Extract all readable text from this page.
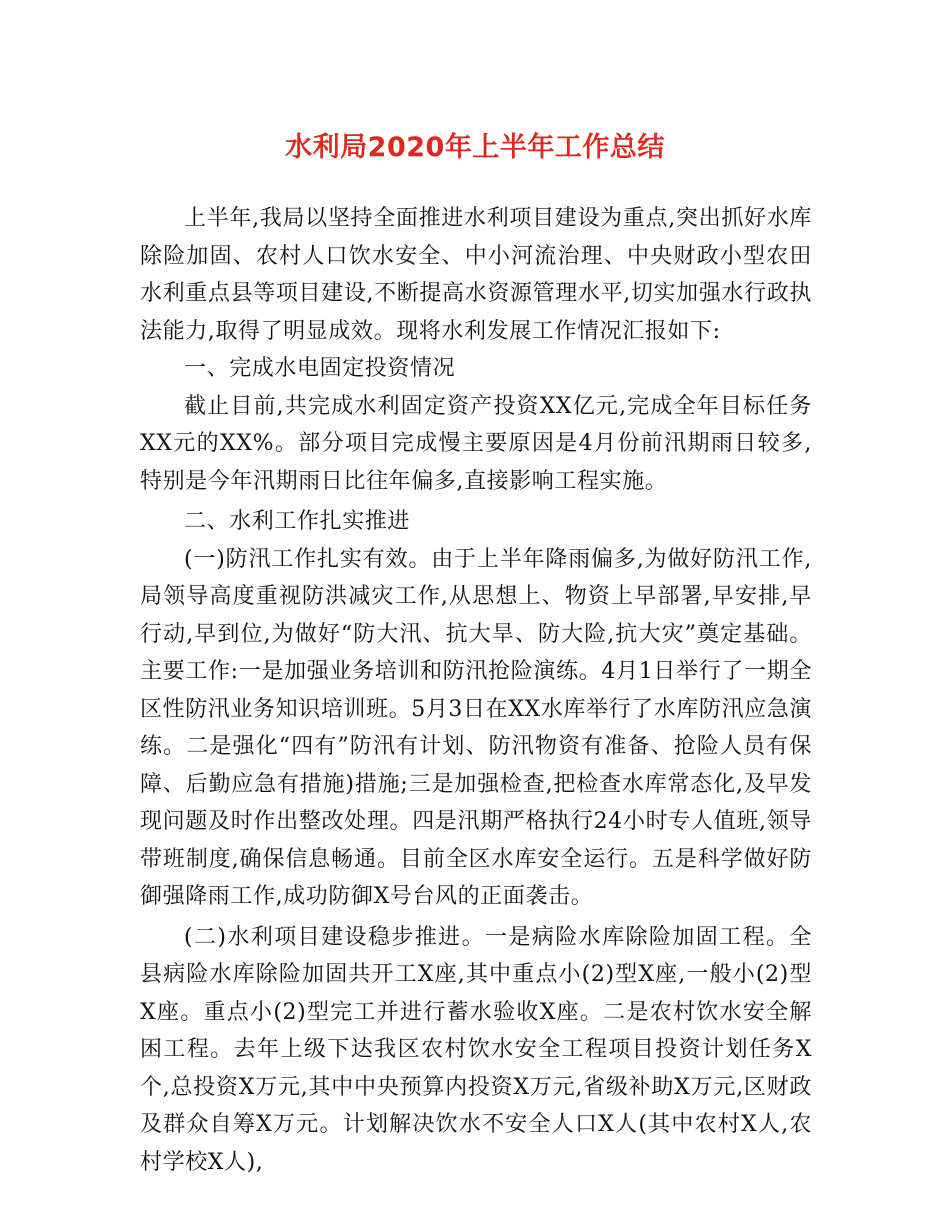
水利局2020年上半年工作总结

上半年,我局以坚持全面推进水利项目建设为重点,突出抓好水库除险加固、农村人口饮水安全、中小河流治理、中央财政小型农田水利重点县等项目建设,不断提高水资源管理水平,切实加强水行政执法能力,取得了明显成效。现将水利发展工作情况汇报如下:

一、完成水电固定投资情况

截止目前,共完成水利固定资产投资XX亿元,完成全年目标任务XX元的XX%。部分项目完成慢主要原因是4月份前汛期雨日较多,特别是今年汛期雨日比往年偏多,直接影响工程实施。

二、水利工作扎实推进

(一)防汛工作扎实有效。由于上半年降雨偏多,为做好防汛工作,局领导高度重视防洪减灾工作,从思想上、物资上早部署,早安排,早行动,早到位,为做好“防大汛、抗大旱、防大险,抗大灾”奠定基础。主要工作:一是加强业务培训和防汛抢险演练。4月1日举行了一期全区性防汛业务知识培训班。5月3日在XX水库举行了水库防汛应急演练。二是强化“四有”防汛有计划、防汛物资有准备、抢险人员有保障、后勤应急有措施)措施;三是加强检查,把检查水库常态化,及早发现问题及时作出整改处理。四是汛期严格执行24小时专人值班,领导带班制度,确保信息畅通。目前全区水库安全运行。五是科学做好防御强降雨工作,成功防御X号台风的正面袭击。

(二)水利项目建设稳步推进。一是病险水库除险加固工程。全县病险水库除险加固共开工X座,其中重点小(2)型X座,一般小(2)型X座。重点小(2)型完工并进行蓄水验收X座。二是农村饮水安全解困工程。去年上级下达我区农村饮水安全工程项目投资计划任务X个,总投资X万元,其中中央预算内投资X万元,省级补助X万元,区财政及群众自筹X万元。计划解决饮水不安全人口X人(其中农村X人,农村学校X人),
